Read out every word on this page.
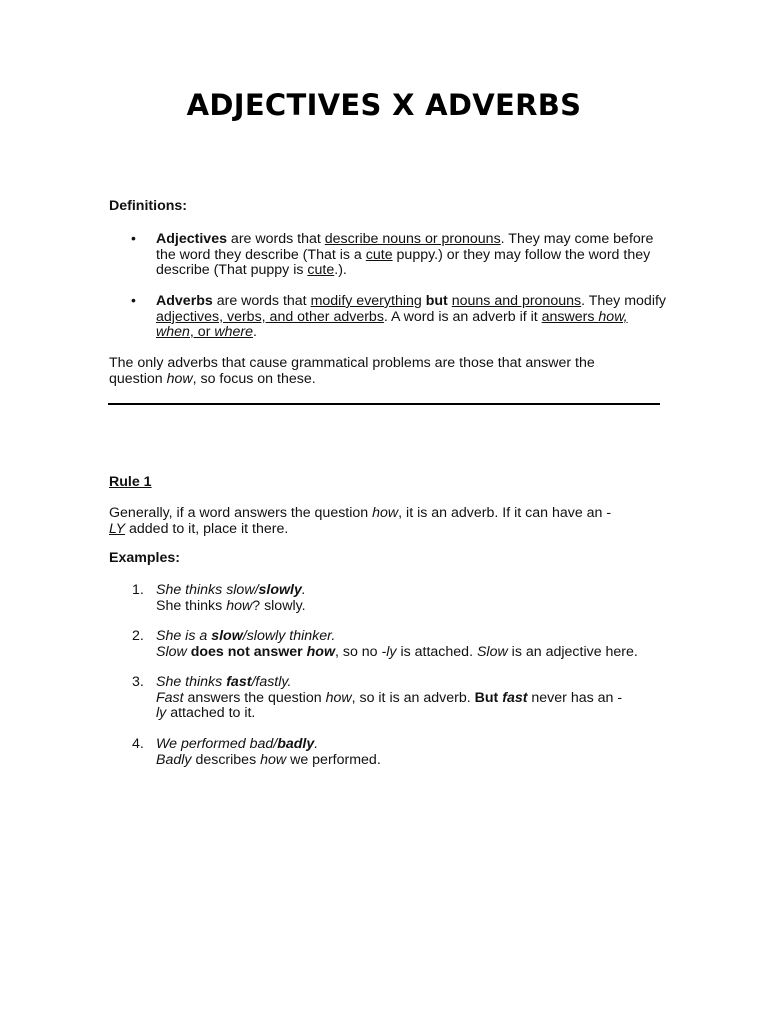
ADJECTIVES X ADVERBS
Definitions:
• Adjectives are words that describe nouns or pronouns. They may come before the word they describe (That is a cute puppy.) or they may follow the word they describe (That puppy is cute.).
• Adverbs are words that modify everything but nouns and pronouns. They modify adjectives, verbs, and other adverbs. A word is an adverb if it answers how, when, or where.
The only adverbs that cause grammatical problems are those that answer the question how, so focus on these.
Rule 1
Generally, if a word answers the question how, it is an adverb. If it can have an -
LY added to it, place it there.
Examples:
1. She thinks slow/slowly.
She thinks how? slowly.
2. She is a slow/slowly thinker.
Slow does not answer how, so no -ly is attached. Slow is an adjective here.
3. She thinks fast/fastly.
Fast answers the question how, so it is an adverb. But fast never has an -
ly attached to it.
4. We performed bad/badly.
Badly describes how we performed.
